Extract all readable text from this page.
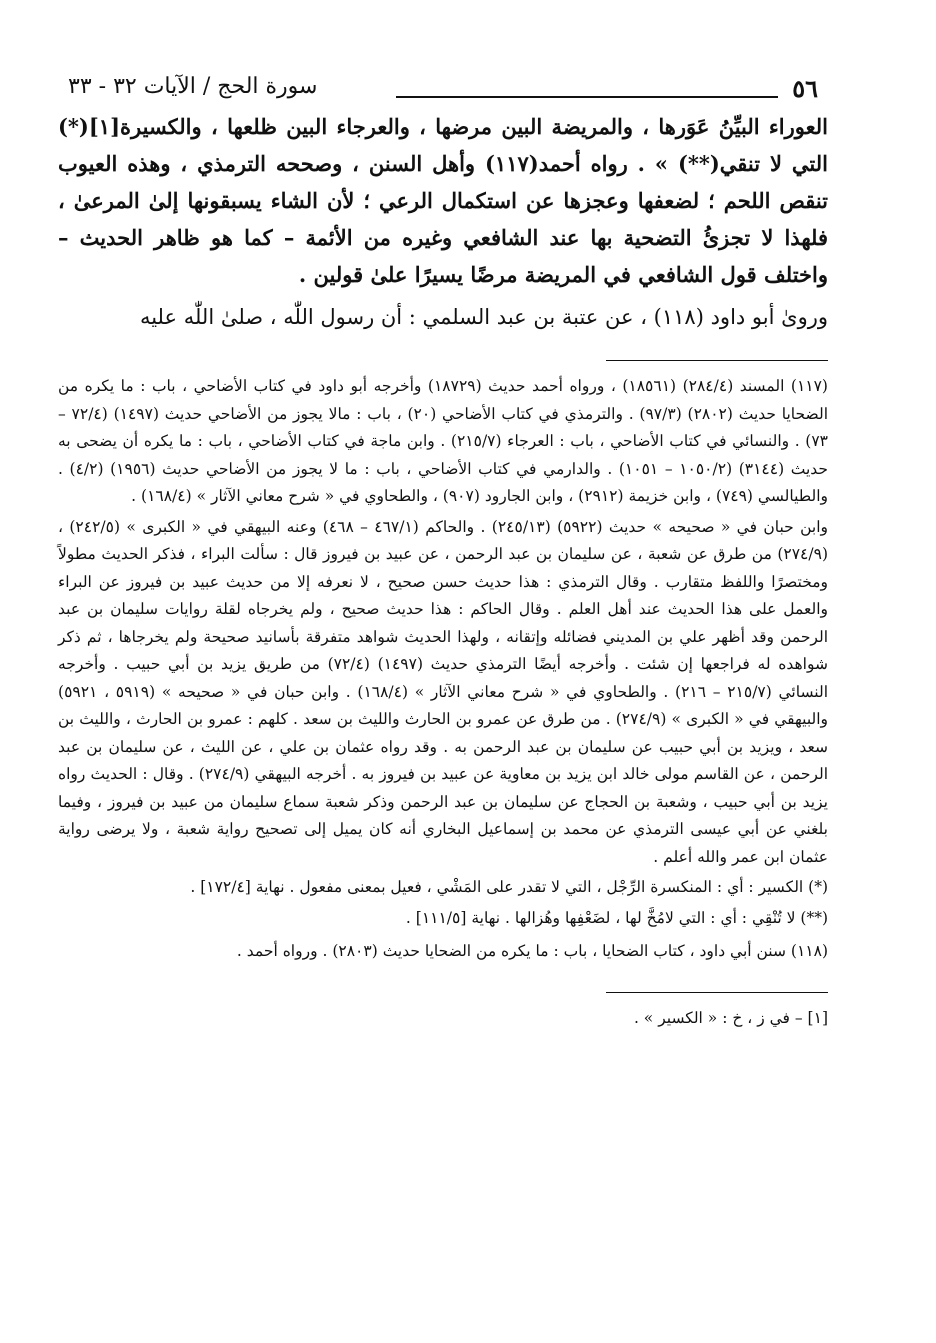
٥٦
سورة الحج / الآيات ٣٢ - ٣٣

العوراء البيِّنُ عَوَرها ، والمريضة البين مرضها ، والعرجاء البين ظلعها ، والكسيرة[١](*) التي لا تنقي(**) » . رواه أحمد(١١٧) وأهل السنن ، وصححه الترمذي ، وهذه العيوب تنقص اللحم ؛ لضعفها وعجزها عن استكمال الرعي ؛ لأن الشاء يسبقونها إلىٰ المرعىٰ ، فلهذا لا تجزئُ التضحية بها عند الشافعي وغيره من الأئمة – كما هو ظاهر الحديث – واختلف قول الشافعي في المريضة مرضًا يسيرًا علىٰ قولين .

وروىٰ أبو داود (١١٨) ، عن عتبة بن عبد السلمي : أن رسول اللّٰه ، صلىٰ اللّٰه عليه

(١١٧) المسند (٢٨٤/٤) (١٨٥٦١) ، ورواه أحمد حديث (١٨٧٢٩) وأخرجه أبو داود في كتاب الأضاحي ، باب : ما يكره من الضحايا حديث (٢٨٠٢) (٩٧/٣) . والترمذي في كتاب الأضاحي (٢٠) ، باب : مالا يجوز من الأضاحي حديث (١٤٩٧) (٧٢/٤ – ٧٣) . والنسائي في كتاب الأضاحي ، باب : العرجاء (٢١٥/٧) . وابن ماجة في كتاب الأضاحي ، باب : ما يكره أن يضحى به حديث (٣١٤٤) (١٠٥٠/٢ – ١٠٥١) . والدارمي في كتاب الأضاحي ، باب : ما لا يجوز من الأضاحي حديث (١٩٥٦) (٤/٢) . والطيالسي (٧٤٩) ، وابن خزيمة (٢٩١٢) ، وابن الجارود (٩٠٧) ، والطحاوي في « شرح معاني الآثار » (١٦٨/٤) .

وابن حبان في « صحيحه » حديث (٥٩٢٢) (٢٤٥/١٣) . والحاكم (٤٦٧/١ – ٤٦٨) وعنه البيهقي في « الكبرى » (٢٤٢/٥) ، (٢٧٤/٩) من طرق عن شعبة ، عن سليمان بن عبد الرحمن ، عن عبيد بن فيروز قال : سألت البراء ، فذكر الحديث مطولاً ومختصرًا واللفظ متقارب . وقال الترمذي : هذا حديث حسن صحيح ، لا نعرفه إلا من حديث عبيد بن فيروز عن البراء والعمل على هذا الحديث عند أهل العلم . وقال الحاكم : هذا حديث صحيح ، ولم يخرجاه لقلة روايات سليمان بن عبد الرحمن وقد أظهر علي بن المديني فضائله وإتقانه ، ولهذا الحديث شواهد متفرقة بأسانيد صحيحة ولم يخرجاها ، ثم ذكر شواهده له فراجعها إن شئت . وأخرجه أيضًا الترمذي حديث (١٤٩٧) (٧٢/٤) من طريق يزيد بن أبي حبيب . وأخرجه النسائي (٢١٥/٧ – ٢١٦) . والطحاوي في « شرح معاني الآثار » (١٦٨/٤) . وابن حبان في « صحيحه » (٥٩١٩ ، ٥٩٢١) والبيهقي في « الكبرى » (٢٧٤/٩) . من طرق عن عمرو بن الحارث والليث بن سعد . كلهم : عمرو بن الحارث ، والليث بن سعد ، ويزيد بن أبي حبيب عن سليمان بن عبد الرحمن به . وقد رواه عثمان بن علي ، عن الليث ، عن سليمان بن عبد الرحمن ، عن القاسم مولى خالد ابن يزيد بن معاوية عن عبيد بن فيروز به . أخرجه البيهقي (٢٧٤/٩) . وقال : الحديث رواه يزيد بن أبي حبيب ، وشعبة بن الحجاج عن سليمان بن عبد الرحمن وذكر شعبة سماع سليمان من عبيد بن فيروز ، وفيما بلغني عن أبي عيسى الترمذي عن محمد بن إسماعيل البخاري أنه كان يميل إلى تصحيح رواية شعبة ، ولا يرضى رواية عثمان ابن عمر والله أعلم .

(*) الكسير : أي : المنكسرة الرِّجْل ، التي لا تقدر على المَشْي ، فعيل بمعنى مفعول . نهاية [١٧٢/٤] .

(**) لا تُنْقِي : أي : التي لامُخَّ لها ، لضَعْفِها وهُزالها . نهاية [١١١/٥] .

(١١٨) سنن أبي داود ، كتاب الضحايا ، باب : ما يكره من الضحايا حديث (٢٨٠٣) . ورواه أحمد .

[١] – في ز ، خ : « الكسير » .
